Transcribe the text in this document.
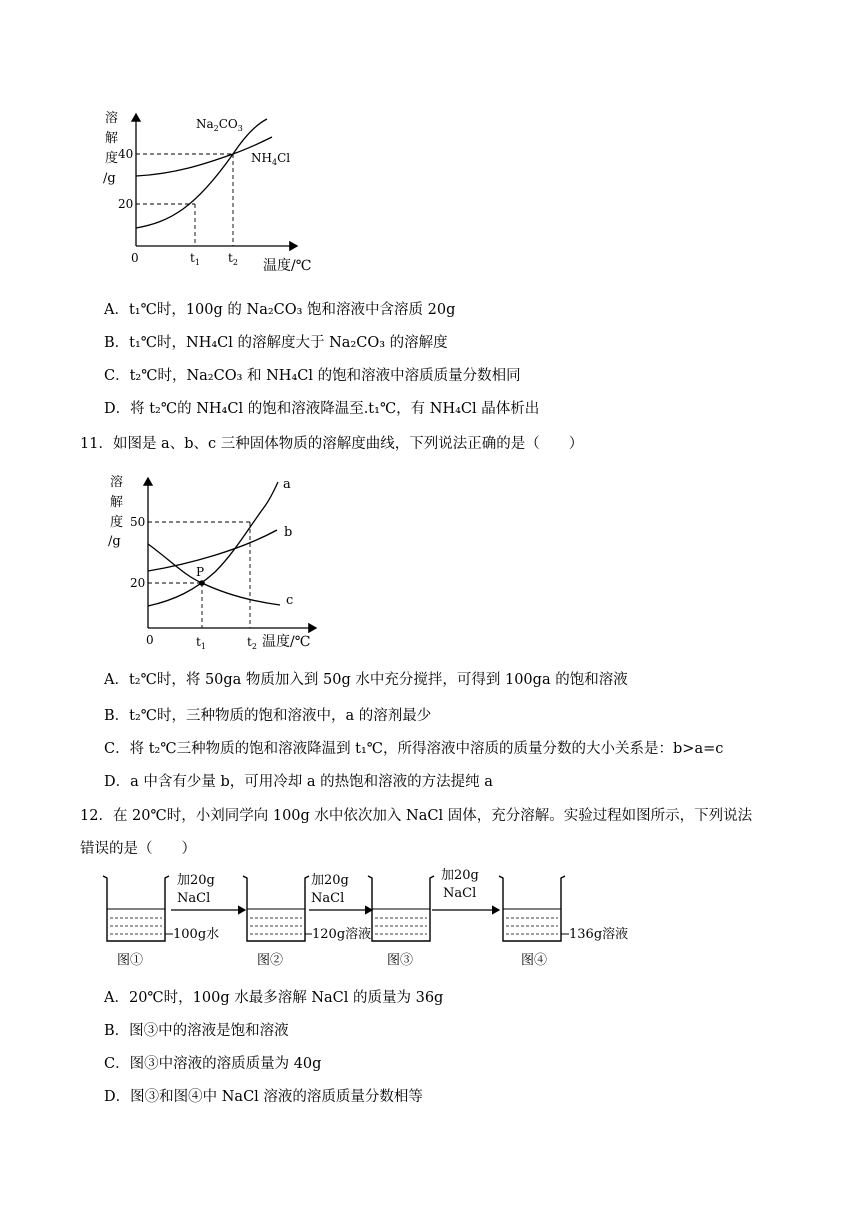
溶
解
度
/g
40
20
0	$t_1$ $t_2$ 温度/℃
$Na_2CO_3$
$NH_4Cl$
A．t₁℃时，100g 的 Na₂CO₃ 饱和溶液中含溶质 20g
B．t₁℃时，NH₄Cl 的溶解度大于 Na₂CO₃ 的溶解度
C．t₂℃时，Na₂CO₃ 和 NH₄Cl 的饱和溶液中溶质质量分数相同
D．将 t₂℃的 NH₄Cl 的饱和溶液降温至.t₁℃，有 NH₄Cl 晶体析出
11．如图是 a、b、c 三种固体物质的溶解度曲线，下列说法正确的是（　　）
溶
解
度
/g
50
20
0	$t_1$	$t_2$ 温度/℃
a
b
c
P
A．t₂℃时，将 50ga 物质加入到 50g 水中充分搅拌，可得到 100ga 的饱和溶液
B．t₂℃时，三种物质的饱和溶液中，a 的溶剂最少
C．将 t₂℃三种物质的饱和溶液降温到 t₁℃，所得溶液中溶质的质量分数的大小关系是：b>a=c
D．a 中含有少量 b，可用冷却 a 的热饱和溶液的方法提纯 a
12．在 20℃时，小刘同学向 100g 水中依次加入 NaCl 固体，充分溶解。实验过程如图所示，下列说法
错误的是（　　）
100g水
加20g
NaCl
120g溶液
加20g
NaCl
加20g
NaCl
136g溶液
图①	图②	图③	图④
A．20℃时，100g 水最多溶解 NaCl 的质量为 36g
B．图③中的溶液是饱和溶液
C．图③中溶液的溶质质量为 40g
D．图③和图④中 NaCl 溶液的溶质质量分数相等
